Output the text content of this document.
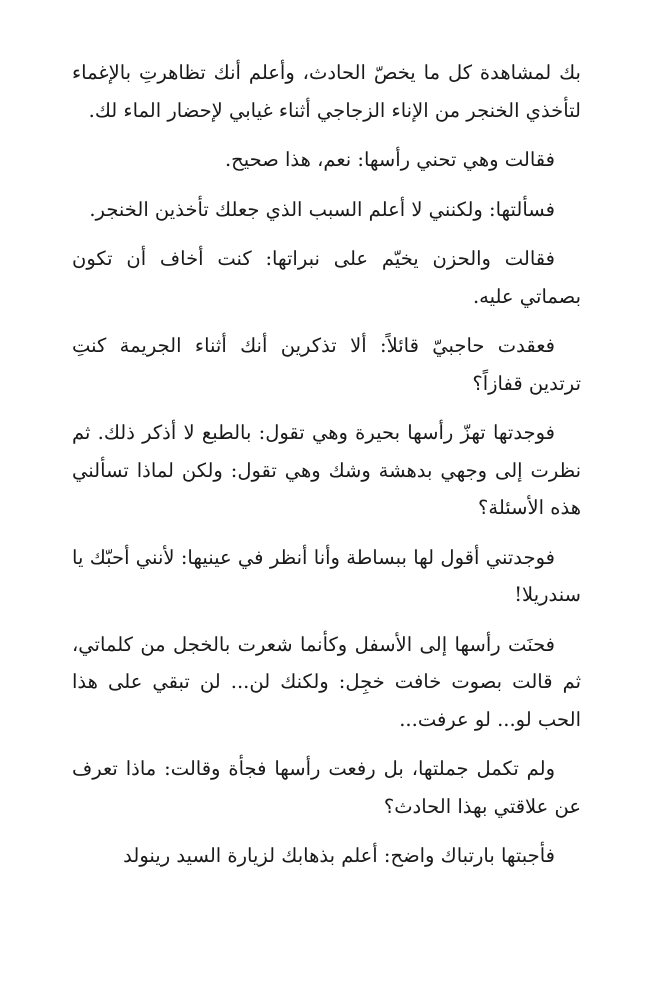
بك لمشاهدة كل ما يخصّ الحادث، وأعلم أنك تظاهرتِ بالإغماء لتأخذي الخنجر من الإناء الزجاجي أثناء غيابي لإحضار الماء لك.

فقالت وهي تحني رأسها: نعم، هذا صحيح.

فسألتها: ولكنني لا أعلم السبب الذي جعلك تأخذين الخنجر.

فقالت والحزن يخيّم على نبراتها: كنت أخاف أن تكون بصماتي عليه.

فعقدت حاجبيّ قائلاً: ألا تذكرين أنك أثناء الجريمة كنتِ ترتدين قفازاً؟

فوجدتها تهزّ رأسها بحيرة وهي تقول: بالطبع لا أذكر ذلك. ثم نظرت إلى وجهي بدهشة وشك وهي تقول: ولكن لماذا تسألني هذه الأسئلة؟

فوجدتني أقول لها ببساطة وأنا أنظر في عينيها: لأنني أحبّك يا سندريلا!

فحنَت رأسها إلى الأسفل وكأنما شعرت بالخجل من كلماتي، ثم قالت بصوت خافت خجِل: ولكنك لن... لن تبقي على هذا الحب لو... لو عرفت...

ولم تكمل جملتها، بل رفعت رأسها فجأة وقالت: ماذا تعرف عن علاقتي بهذا الحادث؟

فأجبتها بارتباك واضح: أعلم بذهابك لزيارة السيد رينولد
